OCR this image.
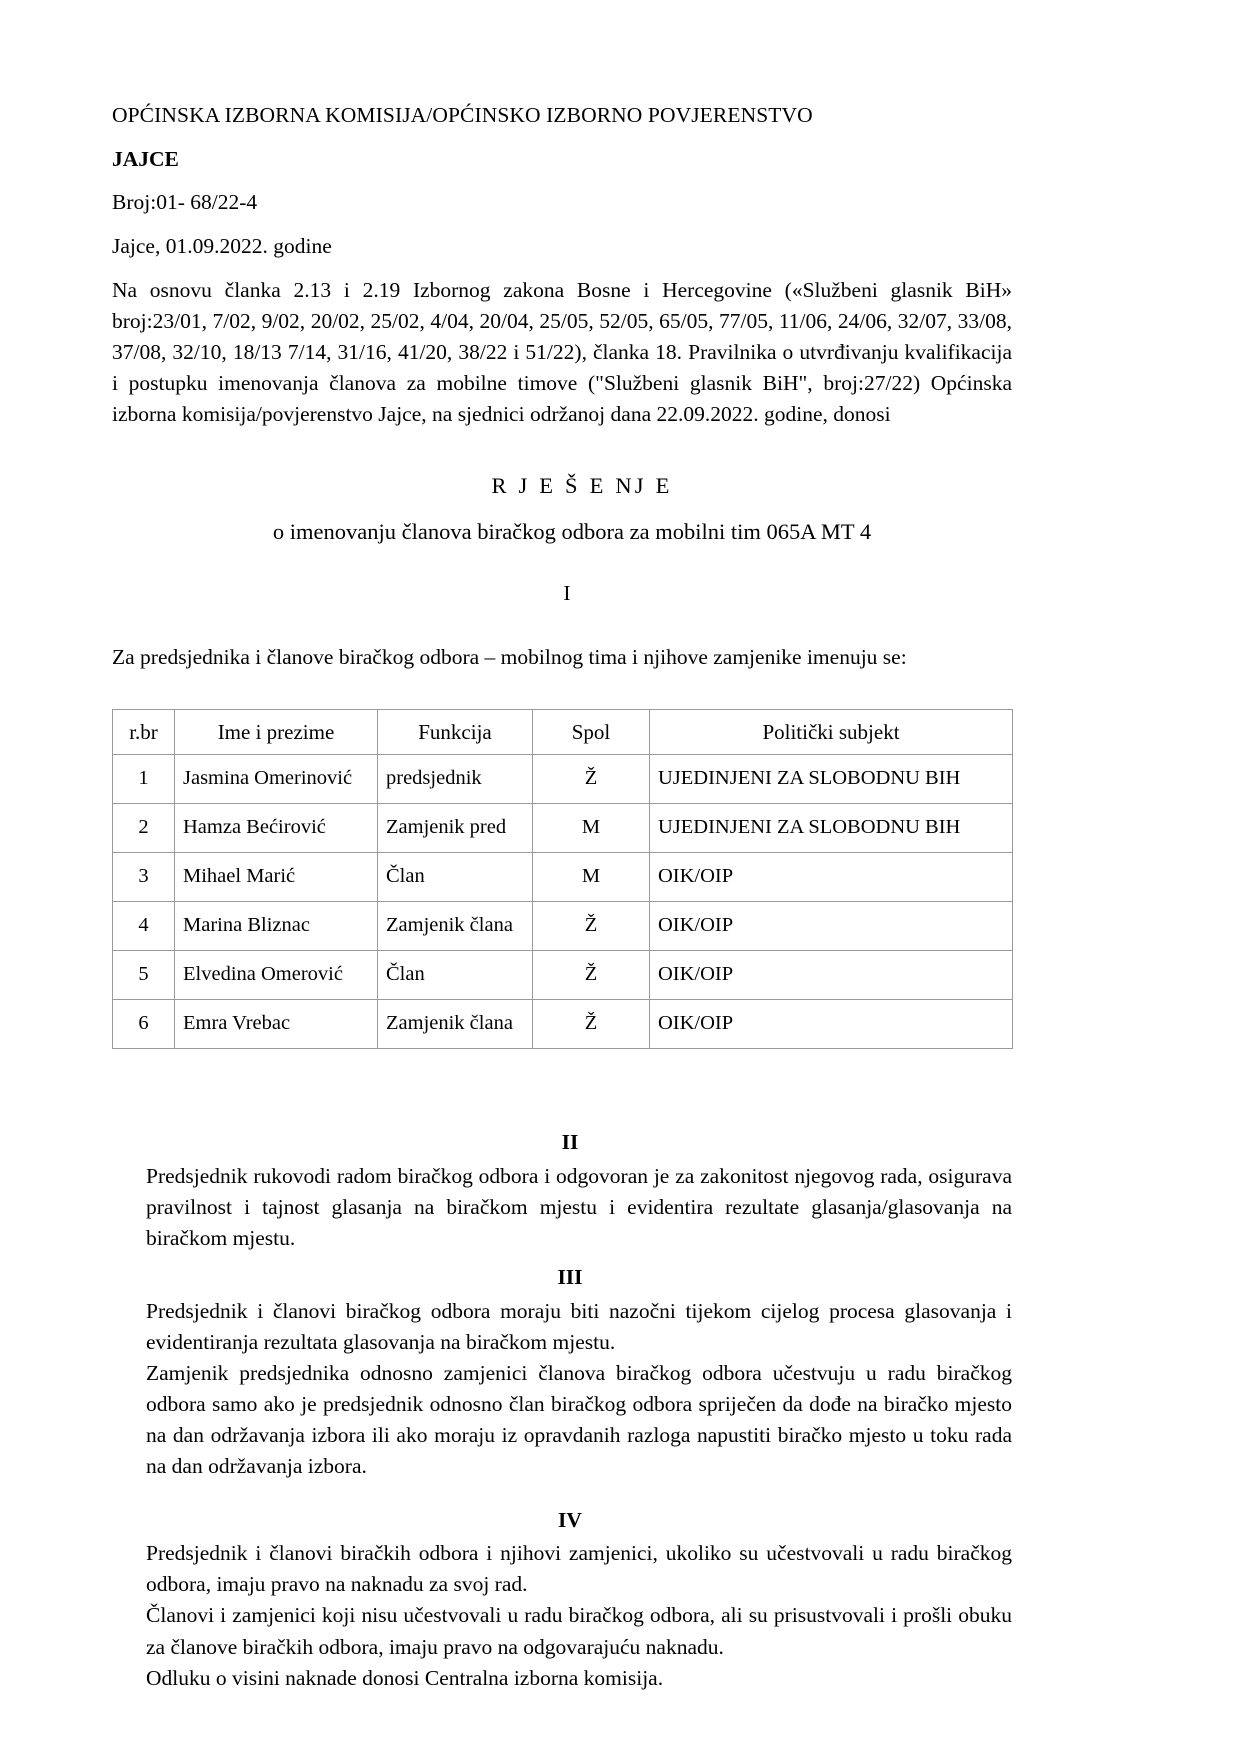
OPĆINSKA IZBORNA KOMISIJA/OPĆINSKO IZBORNO POVJERENSTVO
JAJCE
Broj:01- 68/22-4
Jajce, 01.09.2022. godine

Na osnovu članka 2.13 i 2.19 Izbornog zakona Bosne i Hercegovine («Službeni glasnik BiH» broj:23/01, 7/02, 9/02, 20/02, 25/02, 4/04, 20/04, 25/05, 52/05, 65/05, 77/05, 11/06, 24/06, 32/07, 33/08, 37/08, 32/10, 18/13 7/14, 31/16, 41/20, 38/22 i 51/22), članka 18. Pravilnika o utvrđivanju kvalifikacija i postupku imenovanja članova za mobilne timove ("Službeni glasnik BiH", broj:27/22) Općinska izborna komisija/povjerenstvo Jajce, na sjednici održanoj dana 22.09.2022. godine, donosi

R J E Š E NJ E
o imenovanju članova biračkog odbora za mobilni tim 065A MT 4
I
Za predsjednika i članove biračkog odbora – mobilnog tima i njihove zamjenike imenuju se:
r.br	Ime i prezime	Funkcija	Spol	Politički subjekt
1	Jasmina Omerinović	predsjednik	Ž	UJEDINJENI ZA SLOBODNU BIH
2	Hamza Bećirović	Zamjenik pred	M	UJEDINJENI ZA SLOBODNU BIH
3	Mihael Marić	Član	M	OIK/OIP
4	Marina Bliznac	Zamjenik člana	Ž	OIK/OIP
5	Elvedina Omerović	Član	Ž	OIK/OIP
6	Emra Vrebac	Zamjenik člana	Ž	OIK/OIP
II

Predsjednik rukovodi radom biračkog odbora i odgovoran je za zakonitost njegovog rada, osigurava pravilnost i tajnost glasanja na biračkom mjestu i evidentira rezultate glasanja/glasovanja na biračkom mjestu.

III

Predsjednik i članovi biračkog odbora moraju biti nazočni tijekom cijelog procesa glasovanja i evidentiranja rezultata glasovanja na biračkom mjestu.

Zamjenik predsjednika odnosno zamjenici članova biračkog odbora učestvuju u radu biračkog odbora samo ako je predsjednik odnosno član biračkog odbora spriječen da dođe na biračko mjesto na dan održavanja izbora ili ako moraju iz opravdanih razloga napustiti biračko mjesto u toku rada na dan održavanja izbora.

IV

Predsjednik i članovi biračkih odbora i njihovi zamjenici, ukoliko su učestvovali u radu biračkog odbora, imaju pravo na naknadu za svoj rad.

Članovi i zamjenici koji nisu učestvovali u radu biračkog odbora, ali su prisustvovali i prošli obuku za članove biračkih odbora, imaju pravo na odgovarajuću naknadu.

Odluku o visini naknade donosi Centralna izborna komisija.
